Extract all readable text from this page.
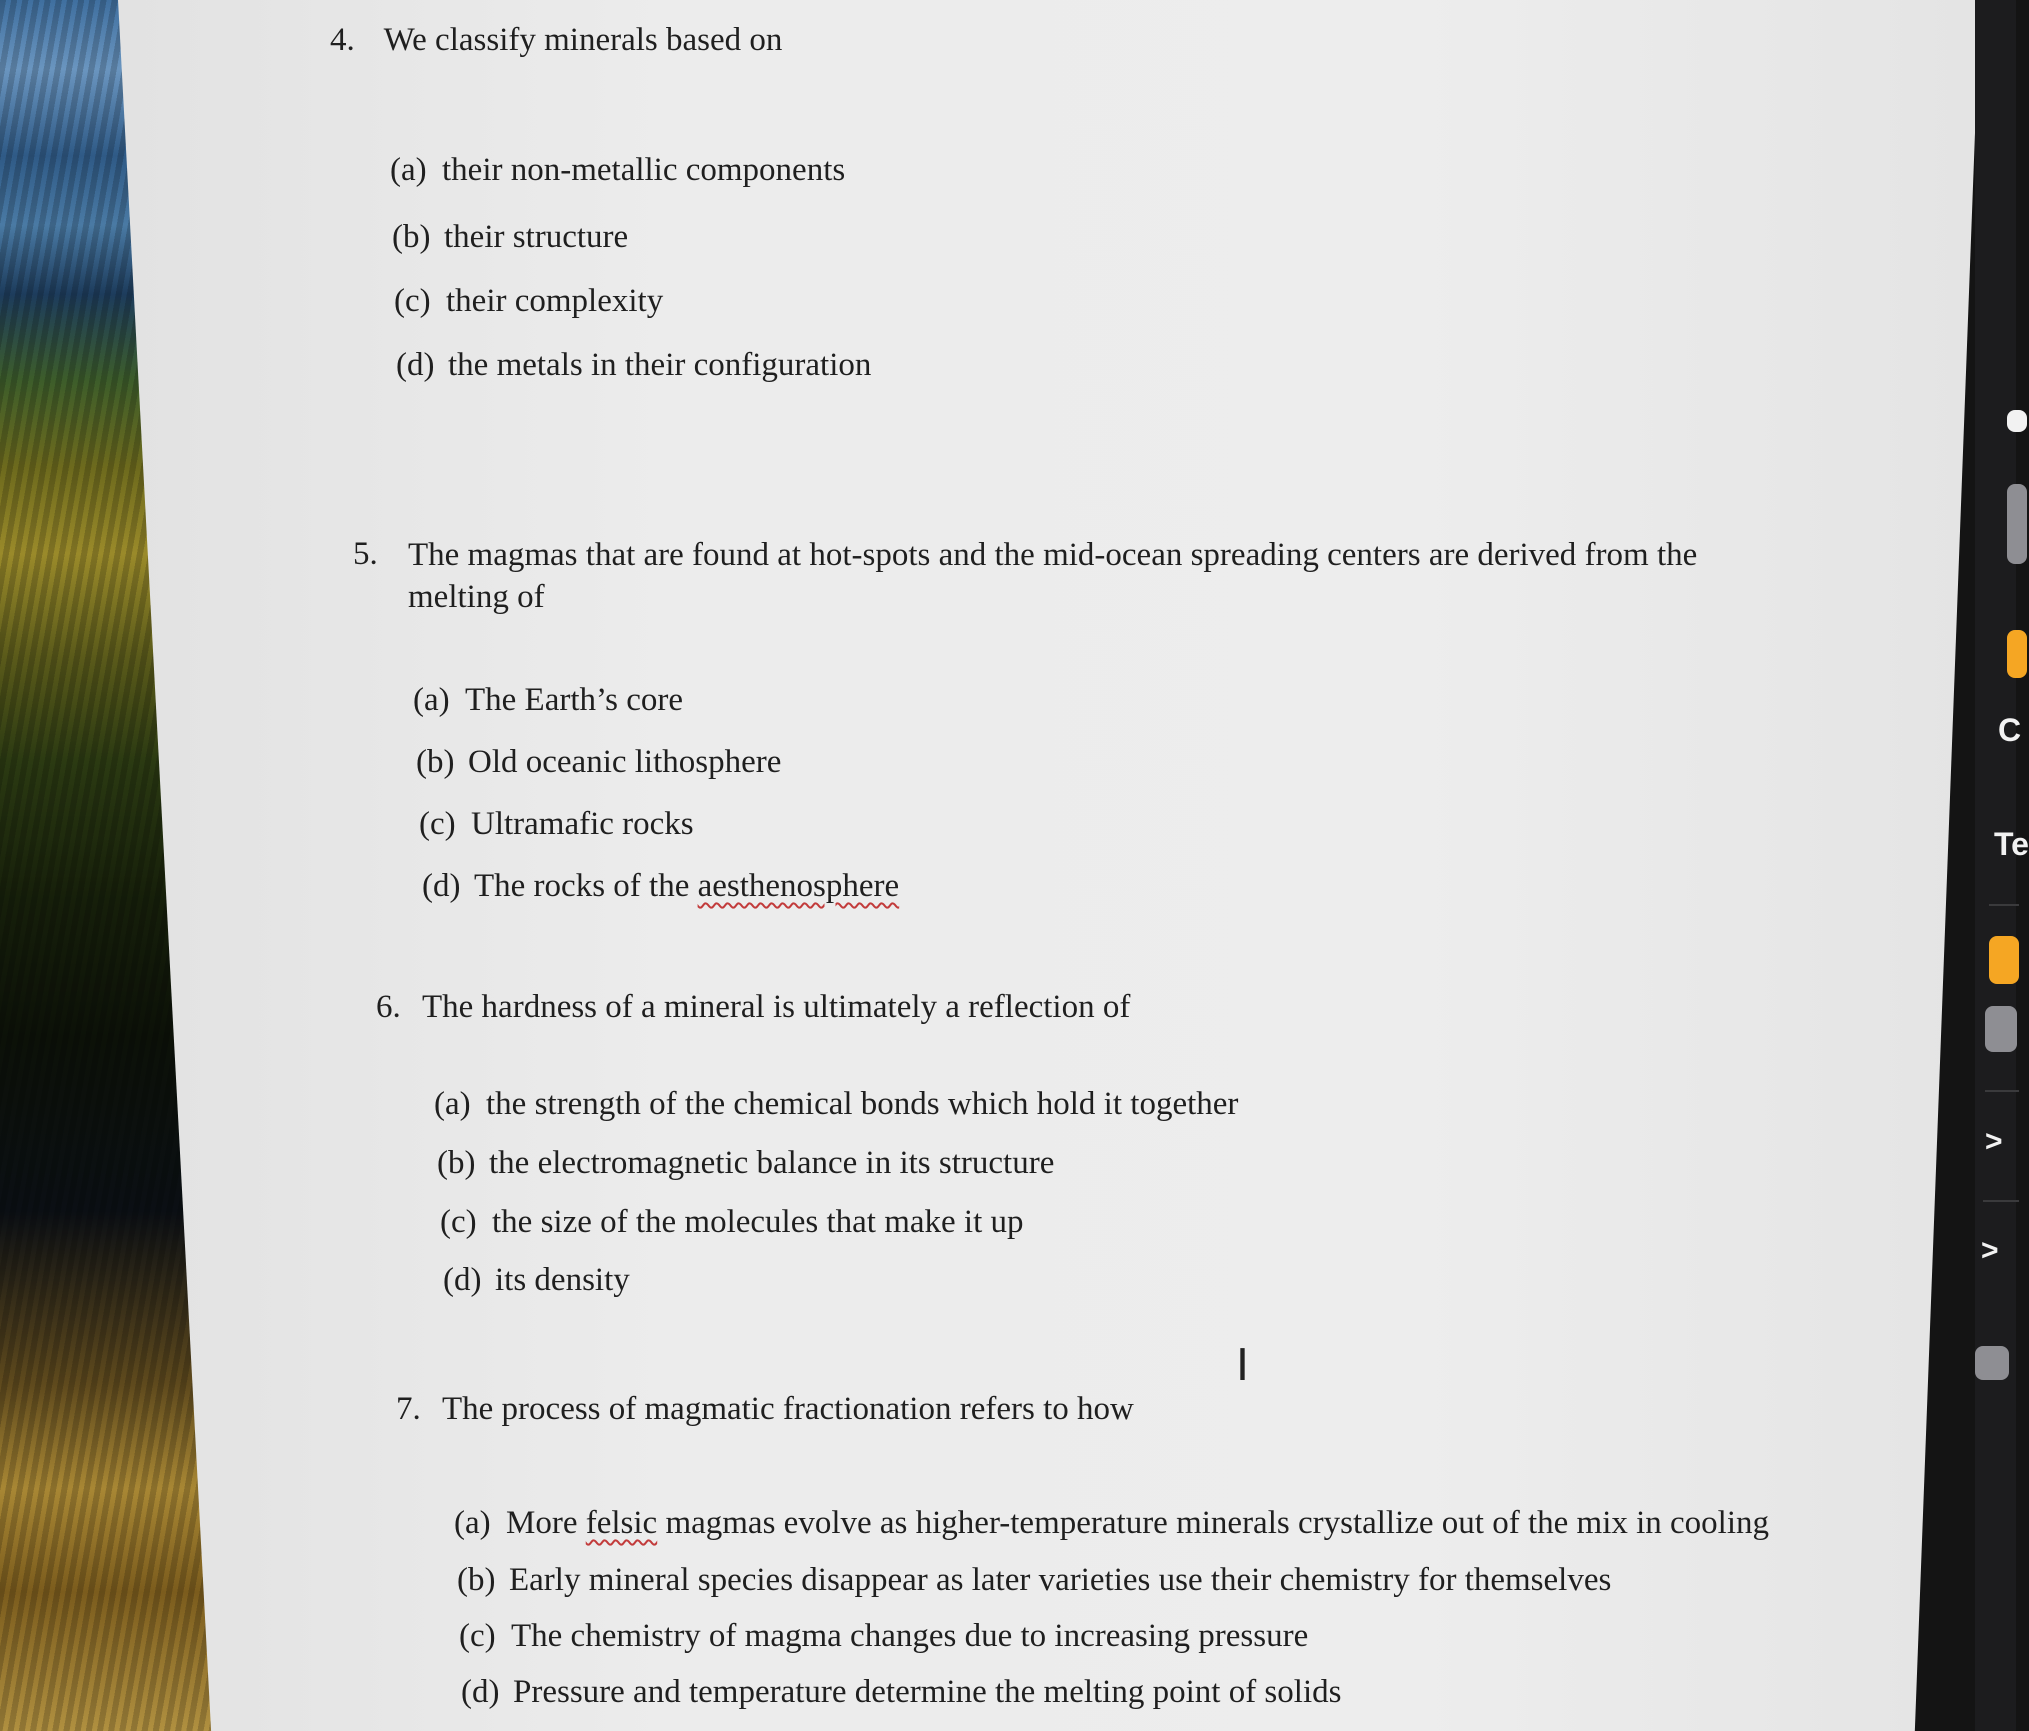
4. We classify minerals based on
(a) their non-metallic components
(b) their structure
(c) their complexity
(d) the metals in their configuration
5. The magmas that are found at hot-spots and the mid-ocean spreading centers are derived from the melting of
(a) The Earth’s core
(b) Old oceanic lithosphere
(c) Ultramafic rocks
(d) The rocks of the aesthenosphere
6. The hardness of a mineral is ultimately a reflection of
(a) the strength of the chemical bonds which hold it together
(b) the electromagnetic balance in its structure
(c) the size of the molecules that make it up
(d) its density
7. The process of magmatic fractionation refers to how
(a) More felsic magmas evolve as higher-temperature minerals crystallize out of the mix in cooling
(b) Early mineral species disappear as later varieties use their chemistry for themselves
(c) The chemistry of magma changes due to increasing pressure
(d) Pressure and temperature determine the melting point of solids
I
C
Te
>
>
